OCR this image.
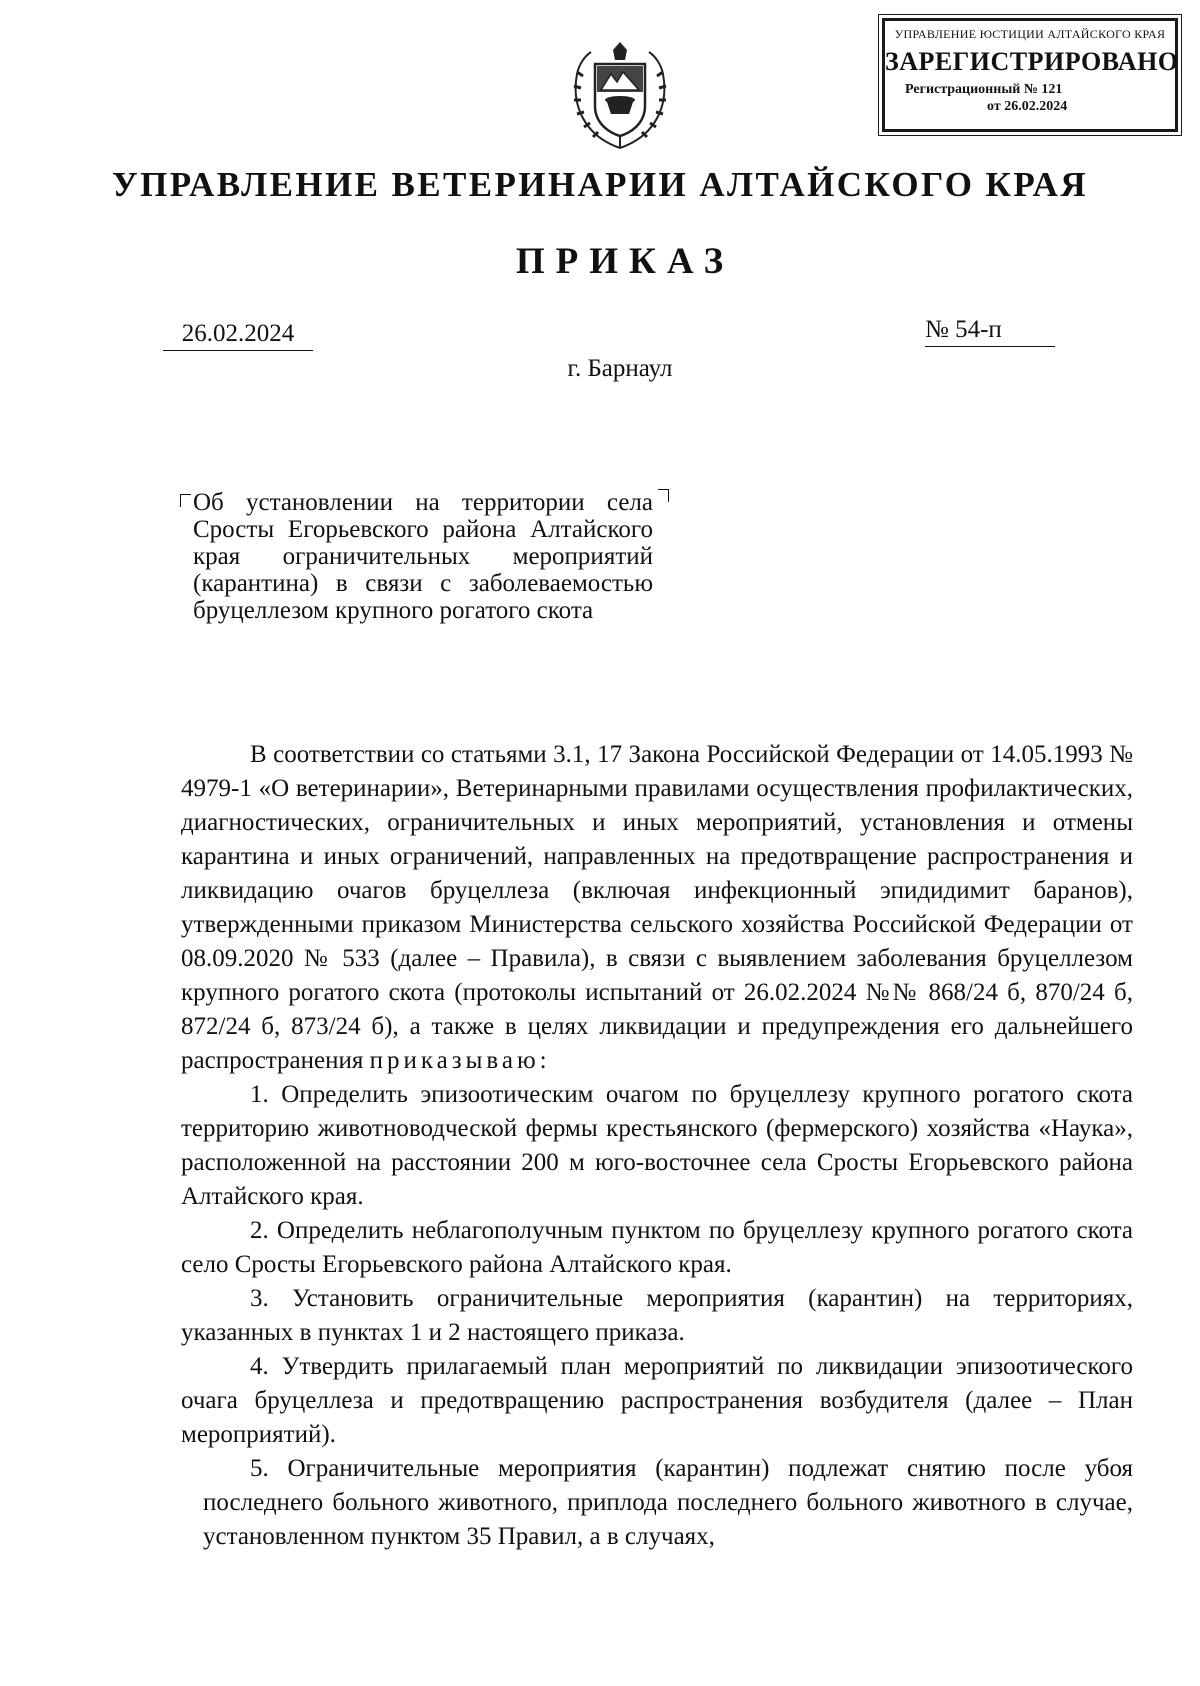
УПРАВЛЕНИЕ ЮСТИЦИИ АЛТАЙСКОГО КРАЯ
ЗАРЕГИСТРИРОВАНО
Регистрационный № 121
от 26.02.2024
УПРАВЛЕНИЕ ВЕТЕРИНАРИИ АЛТАЙСКОГО КРАЯ
ПРИКАЗ
26.02.2024	№ 54-п
г. Барнаул
Об установлении на территории села Сросты Егорьевского района Алтайского края ограничительных мероприятий (карантина) в связи с заболеваемостью бруцеллезом крупного рогатого скота

В соответствии со статьями 3.1, 17 Закона Российской Федерации от 14.05.1993 № 4979-1 «О ветеринарии», Ветеринарными правилами осуществления профилактических, диагностических, ограничительных и иных мероприятий, установления и отмены карантина и иных ограничений, направленных на предотвращение распространения и ликвидацию очагов бруцеллеза (включая инфекционный эпидидимит баранов), утвержденными приказом Министерства сельского хозяйства Российской Федерации от 08.09.2020 № 533 (далее – Правила), в связи с выявлением заболевания бруцеллезом крупного рогатого скота (протоколы испытаний от 26.02.2024 №№ 868/24 б, 870/24 б, 872/24 б, 873/24 б), а также в целях ликвидации и предупреждения его дальнейшего распространения приказываю:

1. Определить эпизоотическим очагом по бруцеллезу крупного рогатого скота территорию животноводческой фермы крестьянского (фермерского) хозяйства «Наука», расположенной на расстоянии 200 м юго-восточнее села Сросты Егорьевского района Алтайского края.

2. Определить неблагополучным пунктом по бруцеллезу крупного рогатого скота село Сросты Егорьевского района Алтайского края.

3. Установить ограничительные мероприятия (карантин) на территориях, указанных в пунктах 1 и 2 настоящего приказа.

4. Утвердить прилагаемый план мероприятий по ликвидации эпизоотического очага бруцеллеза и предотвращению распространения возбудителя (далее – План мероприятий).

5. Ограничительные мероприятия (карантин) подлежат снятию после убоя последнего больного животного, приплода последнего больного животного в случае, установленном пунктом 35 Правил, а в случаях,
